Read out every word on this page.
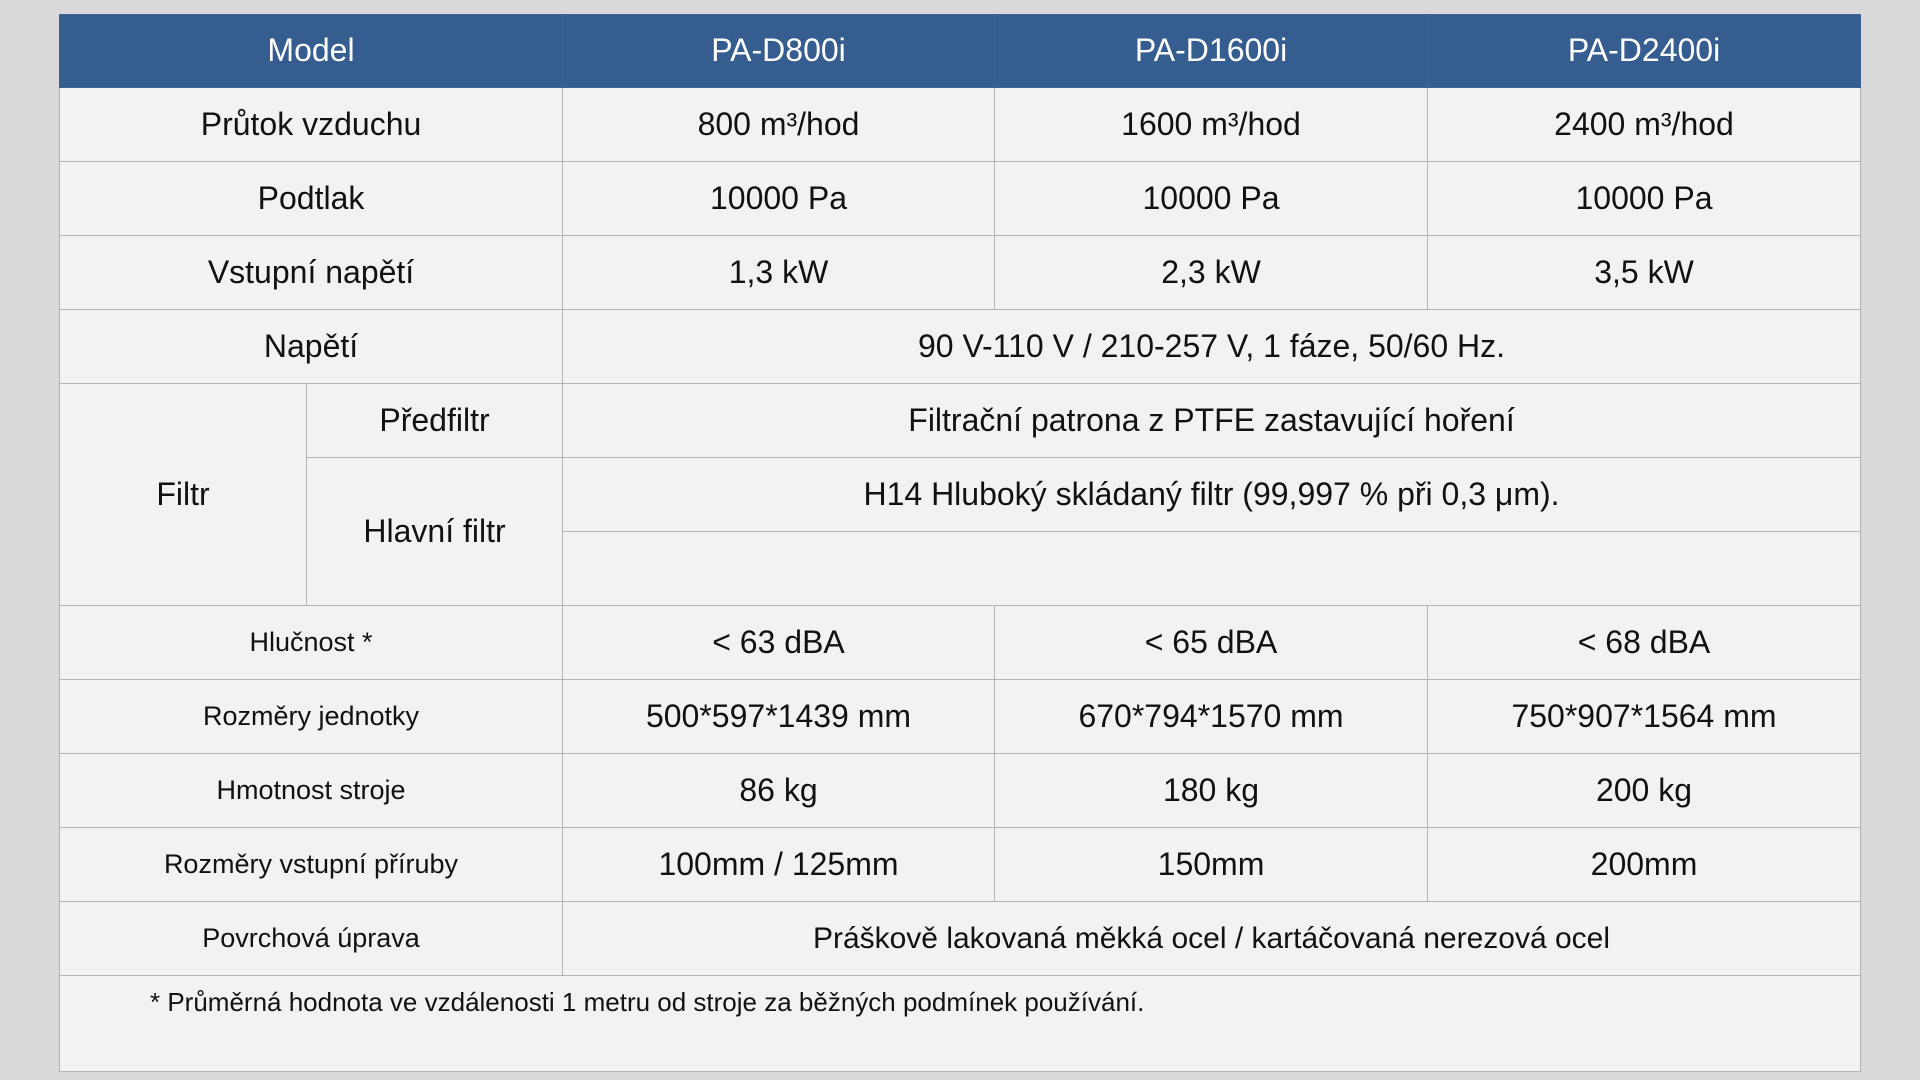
Model		PA-D800i	PA-D1600i	PA-D2400i
Průtok vzduchu		800 m³/hod	1600 m³/hod	2400 m³/hod
Podtlak		10000 Pa	10000 Pa	10000 Pa
Vstupní napětí		1,3 kW	2,3 kW	3,5 kW
Napětí		90 V-110 V / 210-257 V, 1 fáze, 50/60 Hz.		
Filtr	Předfiltr	Filtrační patrona z PTFE zastavující hoření		
	Hlavní filtr	H14 Hluboký skládaný filtr (99,997 % při 0,3 μm).		

Hlučnost *		< 63 dBA	< 65 dBA	< 68 dBA
Rozměry jednotky		500*597*1439 mm	670*794*1570 mm	750*907*1564 mm
Hmotnost stroje		86 kg	180 kg	200 kg
Rozměry vstupní příruby		100mm / 125mm	150mm	200mm
Povrchová úprava		Práškově lakovaná měkká ocel / kartáčovaná nerezová ocel		
* Průměrná hodnota ve vzdálenosti 1 metru od stroje za běžných podmínek používání.				
